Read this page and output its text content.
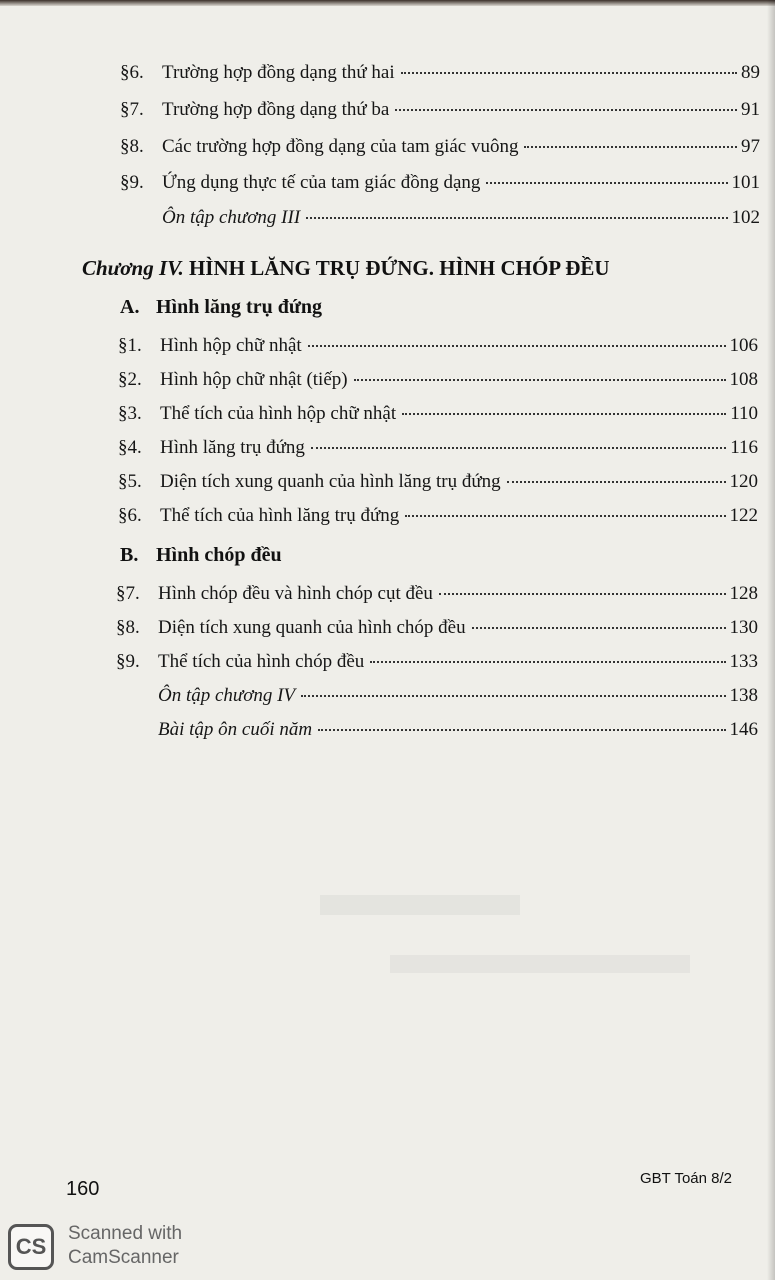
§6. Trường hợp đồng dạng thứ hai	89
§7. Trường hợp đồng dạng thứ ba	91
§8. Các trường hợp đồng dạng của tam giác vuông	97
§9. Ứng dụng thực tế của tam giác đồng dạng	101
Ôn tập chương III	102
Chương IV. HÌNH LĂNG TRỤ ĐỨNG. HÌNH CHÓP ĐỀU
A. Hình lăng trụ đứng
§1. Hình hộp chữ nhật	106
§2. Hình hộp chữ nhật (tiếp)	108
§3. Thể tích của hình hộp chữ nhật	110
§4. Hình lăng trụ đứng	116
§5. Diện tích xung quanh của hình lăng trụ đứng	120
§6. Thể tích của hình lăng trụ đứng	122
B. Hình chóp đều
§7. Hình chóp đều và hình chóp cụt đều	128
§8. Diện tích xung quanh của hình chóp đều	130
§9. Thể tích của hình chóp đều	133
Ôn tập chương IV	138
Bài tập ôn cuối năm	146
160	GBT Toán 8/2
CS
Scanned with
CamScanner
